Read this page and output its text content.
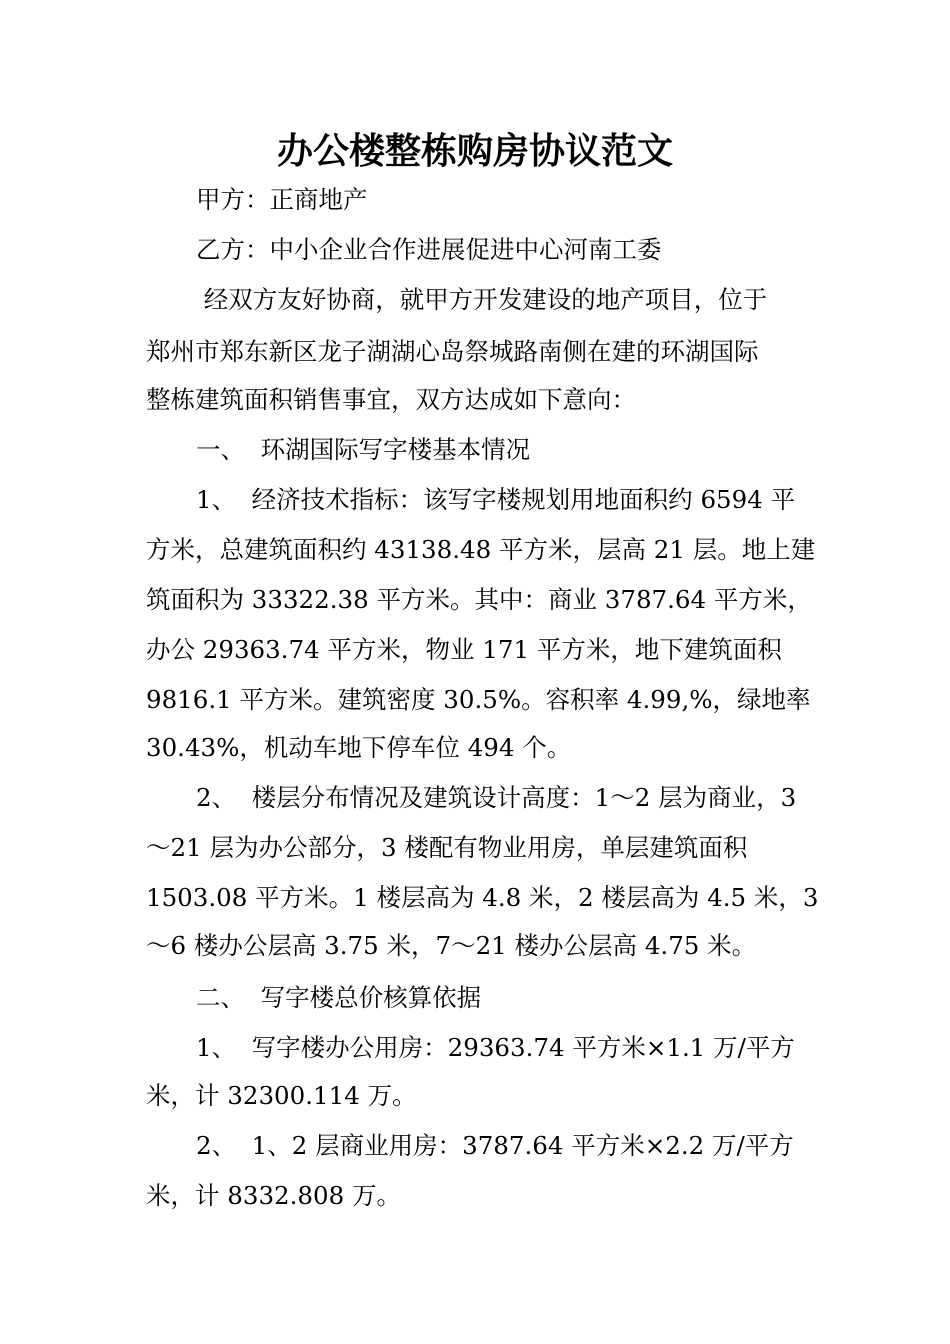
办公楼整栋购房协议范文
甲方：正商地产
乙方：中小企业合作进展促进中心河南工委
经双方友好协商，就甲方开发建设的地产项目，位于
郑州市郑东新区龙子湖湖心岛祭城路南侧在建的环湖国际
整栋建筑面积销售事宜，双方达成如下意向：
一、  环湖国际写字楼基本情况
1、  经济技术指标：该写字楼规划用地面积约 6594 平
方米，总建筑面积约 43138.48 平方米，层高 21 层。地上建
筑面积为 33322.38 平方米。其中：商业 3787.64 平方米，
办公 29363.74 平方米，物业 171 平方米，地下建筑面积
9816.1 平方米。建筑密度 30.5%。容积率 4.99,%，绿地率
30.43%，机动车地下停车位 494 个。
2、  楼层分布情况及建筑设计高度：1～2 层为商业，3
～21 层为办公部分，3 楼配有物业用房，单层建筑面积
1503.08 平方米。1 楼层高为 4.8 米，2 楼层高为 4.5 米，3
～6 楼办公层高 3.75 米，7～21 楼办公层高 4.75 米。
二、  写字楼总价核算依据
1、  写字楼办公用房：29363.74 平方米×1.1 万/平方
米，计 32300.114 万。
2、  1、2 层商业用房：3787.64 平方米×2.2 万/平方
米，计 8332.808 万。
